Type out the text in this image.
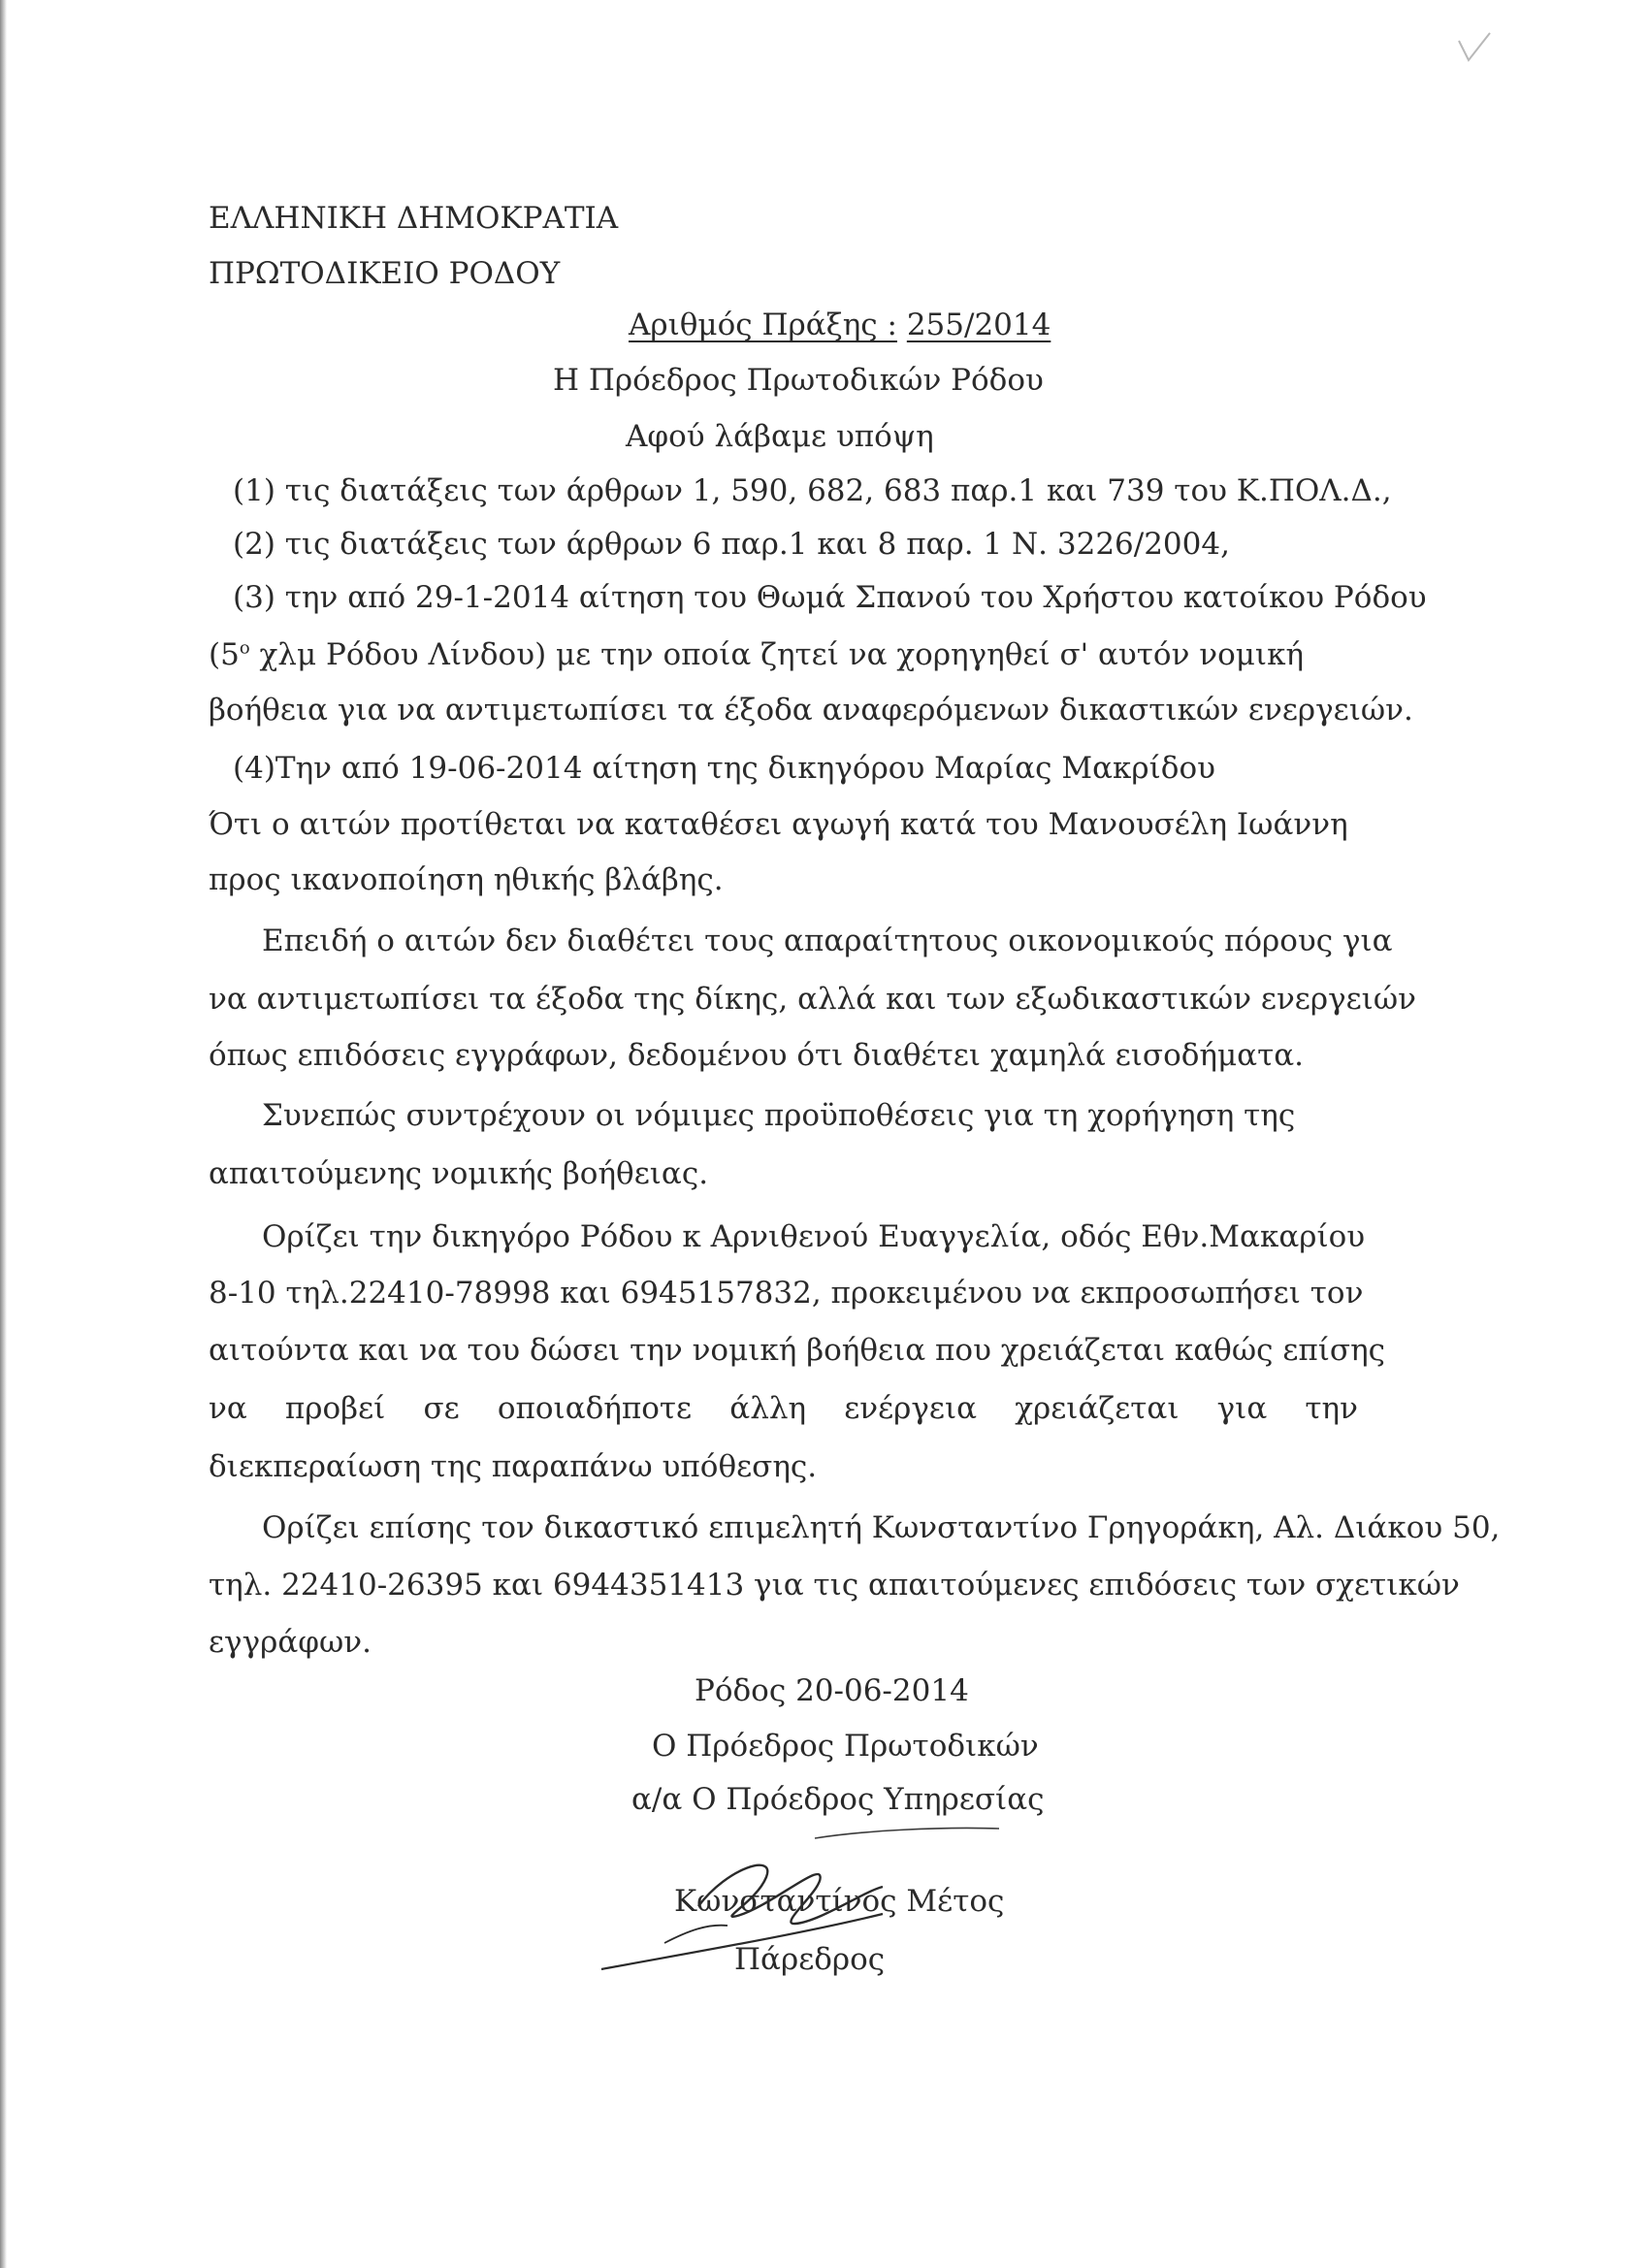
ΕΛΛΗΝΙΚΗ ΔΗΜΟΚΡΑΤΙΑ

ΠΡΩΤΟΔΙΚΕΙΟ ΡΟΔΟΥ

Αριθμός Πράξης : 255/2014

Η Πρόεδρος Πρωτοδικών Ρόδου

Αφού λάβαμε υπόψη

(1) τις διατάξεις των άρθρων 1, 590, 682, 683 παρ.1 και 739 του Κ.ΠΟΛ.Δ.,

(2) τις διατάξεις των άρθρων 6 παρ.1 και 8 παρ. 1 Ν. 3226/2004,

(3) την από 29-1-2014 αίτηση του Θωμά Σπανού του Χρήστου κατοίκου Ρόδου

($5^o$ χλμ Ρόδου Λίνδου) με την οποία ζητεί να χορηγηθεί σ' αυτόν νομική

βοήθεια για να αντιμετωπίσει τα έξοδα αναφερόμενων δικαστικών ενεργειών.

(4)Την από 19-06-2014 αίτηση της δικηγόρου Μαρίας Μακρίδου

Ότι ο αιτών προτίθεται να καταθέσει αγωγή κατά του Μανουσέλη Ιωάννη

προς ικανοποίηση ηθικής βλάβης.

Επειδή ο αιτών δεν διαθέτει τους απαραίτητους οικονομικούς πόρους για

να αντιμετωπίσει τα έξοδα της δίκης, αλλά και των εξωδικαστικών ενεργειών

όπως επιδόσεις εγγράφων, δεδομένου ότι διαθέτει χαμηλά εισοδήματα.

Συνεπώς συντρέχουν οι νόμιμες προϋποθέσεις για τη χορήγηση της

απαιτούμενης νομικής βοήθειας.

Ορίζει την δικηγόρο Ρόδου κ Αρνιθενού Ευαγγελία, οδός Εθν.Μακαρίου

8-10 τηλ.22410-78998 και 6945157832, προκειμένου να εκπροσωπήσει τον

αιτούντα και να του δώσει την νομική βοήθεια που χρειάζεται καθώς επίσης

να προβεί σε οποιαδήποτε άλλη ενέργεια χρειάζεται για την

διεκπεραίωση της παραπάνω υπόθεσης.

Ορίζει επίσης τον δικαστικό επιμελητή Κωνσταντίνο Γρηγοράκη, Αλ. Διάκου 50,

τηλ. 22410-26395 και 6944351413 για τις απαιτούμενες επιδόσεις των σχετικών

εγγράφων.

Ρόδος 20-06-2014

Ο Πρόεδρος Πρωτοδικών

α/α Ο Πρόεδρος Υπηρεσίας

Κωνσταντίνος Μέτος

Πάρεδρος
